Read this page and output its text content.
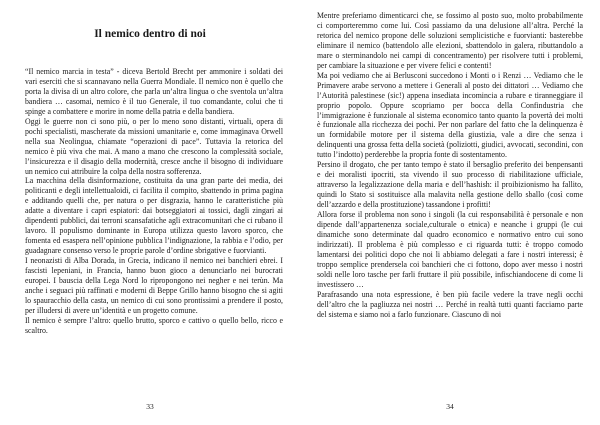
Il nemico dentro di noi

“Il nemico marcia in testa” - diceva Bertold Brecht per ammonire i soldati dei vari eserciti che si scannavano nella Guerra Mondiale. Il nemico non è quello che porta la divisa di un altro colore, che parla un’altra lingua o che sventola un’altra bandiera … casomai, nemico è il tuo Generale, il tuo comandante, colui che ti spinge a combattere e morire in nome della patria e della bandiera.

Oggi le guerre non ci sono più, o per lo meno sono distanti, virtuali, opera di pochi specialisti, mascherate da missioni umanitarie e, come immaginava Orwell nella sua Neolingua, chiamate “operazioni di pace”. Tuttavia la retorica del nemico è più viva che mai. A mano a mano che crescono la complessità sociale, l’insicurezza e il disagio della modernità, cresce anche il bisogno di individuare un nemico cui attribuire la colpa della nostra sofferenza.

La macchina della disinformazione, costituita da una gran parte dei media, dei politicanti e degli intellettualoidi, ci facilita il compito, sbattendo in prima pagina e additando quelli che, per natura o per disgrazia, hanno le caratteristiche più adatte a diventare i capri espiatori: dai botseggiatori ai tossici, dagli zingari ai dipendenti pubblici, dai terroni scansafatiche agli extracomunitari che ci rubano il lavoro. Il populismo dominante in Europa utilizza questo lavoro sporco, che fomenta ed esaspera nell’opinione pubblica l’indignazione, la rabbia e l’odio, per guadagnare consenso verso le proprie parole d’ordine sbrigative e fuorvianti.

I neonazisti di Alba Dorada, in Grecia, indicano il nemico nei banchieri ebrei. I fascisti lepeniani, in Francia, hanno buon gioco a denunciarlo nei burocrati europei. I bauscia della Lega Nord lo ripropongono nei negher e nei terùn. Ma anche i seguaci più raffinati e moderni di Beppe Grillo hanno bisogno che si agiti lo spauracchio della casta, un nemico di cui sono prontissimi a prendere il posto, per illudersi di avere un’identità e un progetto comune.

Il nemico è sempre l’altro: quello brutto, sporco e cattivo o quello bello, ricco e scaltro.

33

Mentre preferiamo dimenticarci che, se fossimo al posto suo, molto probabilmente ci comporteremmo come lui. Così passiamo da una delusione all’altra. Perché la retorica del nemico propone delle soluzioni semplicistiche e fuorvianti: basterebbe eliminare il nemico (battendolo alle elezioni, sbattendolo in galera, ributtandolo a mare o sterminandolo nei campi di concentramento) per risolvere tutti i problemi, per cambiare la situazione e per vivere felici e contenti!

Ma poi vediamo che ai Berlusconi succedono i Monti o i Renzi … Vediamo che le Primavere arabe servono a mettere i Generali al posto dei dittatori … Vediamo che l’Autorità palestinese (sic!) appena insediata incomincia a rubare e tiranneggiare il proprio popolo. Oppure scopriamo per bocca della Confindustria che l’immigrazione è funzionale al sistema economico tanto quanto la povertà dei molti è funzionale alla ricchezza dei pochi. Per non parlare del fatto che la delinquenza è un formidabile motore per il sistema della giustizia, vale a dire che senza i delinquenti una grossa fetta della società (poliziotti, giudici, avvocati, secondini, con tutto l’indotto) perderebbe la propria fonte di sostentamento.

Persino il drogato, che per tanto tempo è stato il bersaglio preferito dei benpensanti e dei moralisti ipocriti, sta vivendo il suo processo di riabilitazione ufficiale, attraverso la legalizzazione della maria e dell’hashish: il proibizionismo ha fallito, quindi lo Stato si sostituisce alla malavita nella gestione dello sballo (così come dell’azzardo e della prostituzione) tassandone i profitti!

Allora forse il problema non sono i singoli (la cui responsabilità è personale e non dipende dall’appartenenza sociale,culturale o etnica) e neanche i gruppi (le cui dinamiche sono determinate dal quadro economico e normativo entro cui sono indirizzati). Il problema è più complesso e ci riguarda tutti: è troppo comodo lamentarsi dei politici dopo che noi li abbiamo delegati a fare i nostri interessi; è troppo semplice prendersela coi banchieri che ci fottono, dopo aver messo i nostri soldi nelle loro tasche per farli fruttare il più possibile, infischiandocene di come li investissero …

Parafrasando una nota espressione, è ben più facile vedere la trave negli occhi dell’altro che la pagliuzza nei nostri … Perché in realtà tutti quanti facciamo parte del sistema e siamo noi a farlo funzionare. Ciascuno di noi

34
